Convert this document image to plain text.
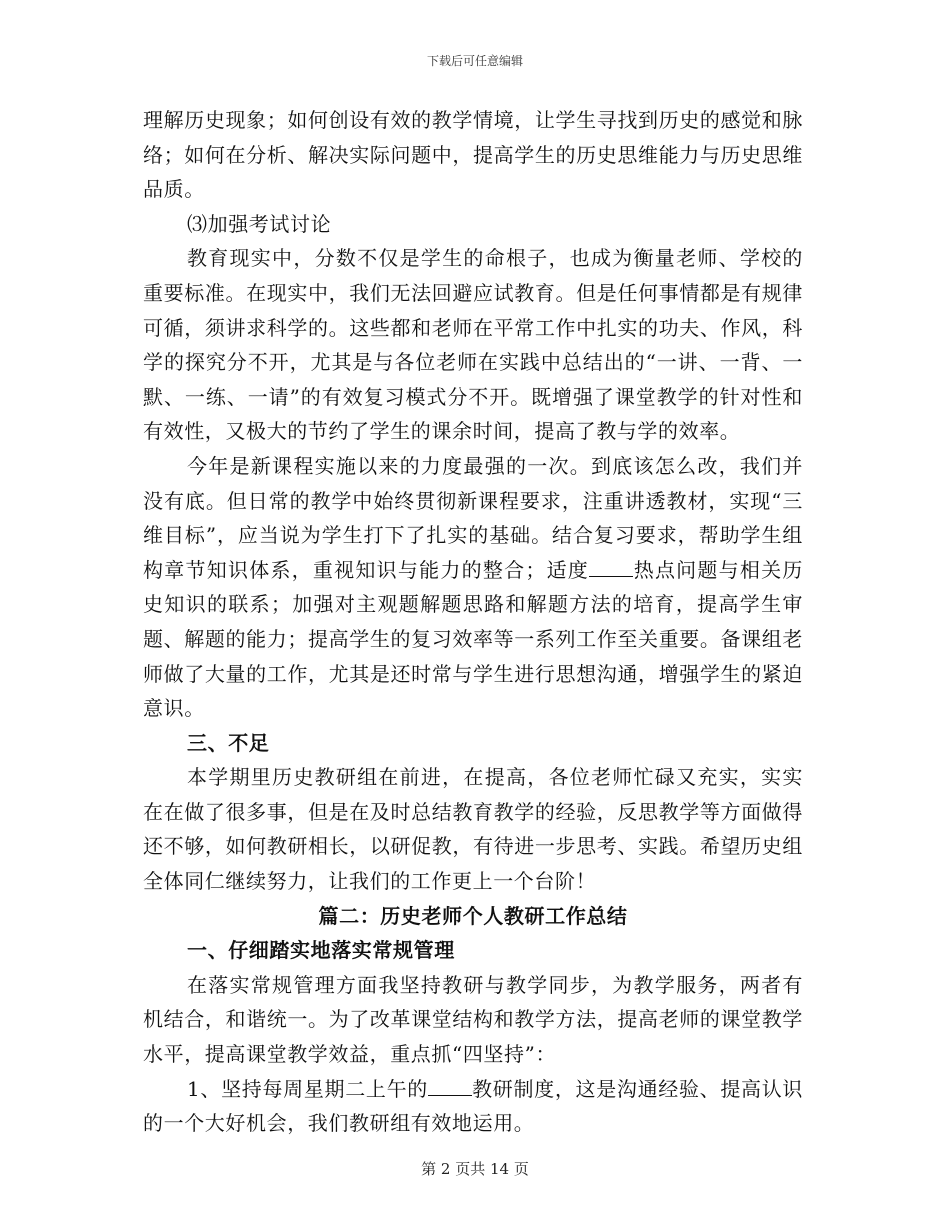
下载后可任意编辑

理解历史现象；如何创设有效的教学情境，让学生寻找到历史的感觉和脉络；如何在分析、解决实际问题中，提高学生的历史思维能力与历史思维品质。

⑶加强考试讨论

教育现实中，分数不仅是学生的命根子，也成为衡量老师、学校的重要标准。在现实中，我们无法回避应试教育。但是任何事情都是有规律可循，须讲求科学的。这些都和老师在平常工作中扎实的功夫、作风，科学的探究分不开，尤其是与各位老师在实践中总结出的“一讲、一背、一默、一练、一请”的有效复习模式分不开。既增强了课堂教学的针对性和有效性，又极大的节约了学生的课余时间，提高了教与学的效率。

今年是新课程实施以来的力度最强的一次。到底该怎么改，我们并没有底。但日常的教学中始终贯彻新课程要求，注重讲透教材，实现“三维目标”，应当说为学生打下了扎实的基础。结合复习要求，帮助学生组构章节知识体系，重视知识与能力的整合；适度 热点问题与相关历史知识的联系；加强对主观题解题思路和解题方法的培育，提高学生审题、解题的能力；提高学生的复习效率等一系列工作至关重要。备课组老师做了大量的工作，尤其是还时常与学生进行思想沟通，增强学生的紧迫意识。

三、不足

本学期里历史教研组在前进，在提高，各位老师忙碌又充实，实实在在做了很多事，但是在及时总结教育教学的经验，反思教学等方面做得还不够，如何教研相长，以研促教，有待进一步思考、实践。希望历史组全体同仁继续努力，让我们的工作更上一个台阶！

篇二：历史老师个人教研工作总结

一、仔细踏实地落实常规管理

在落实常规管理方面我坚持教研与教学同步，为教学服务，两者有机结合，和谐统一。为了改革课堂结构和教学方法，提高老师的课堂教学水平，提高课堂教学效益，重点抓“四坚持”：

1、坚持每周星期二上午的 教研制度，这是沟通经验、提高认识的一个大好机会，我们教研组有效地运用。

第 2 页共 14 页
